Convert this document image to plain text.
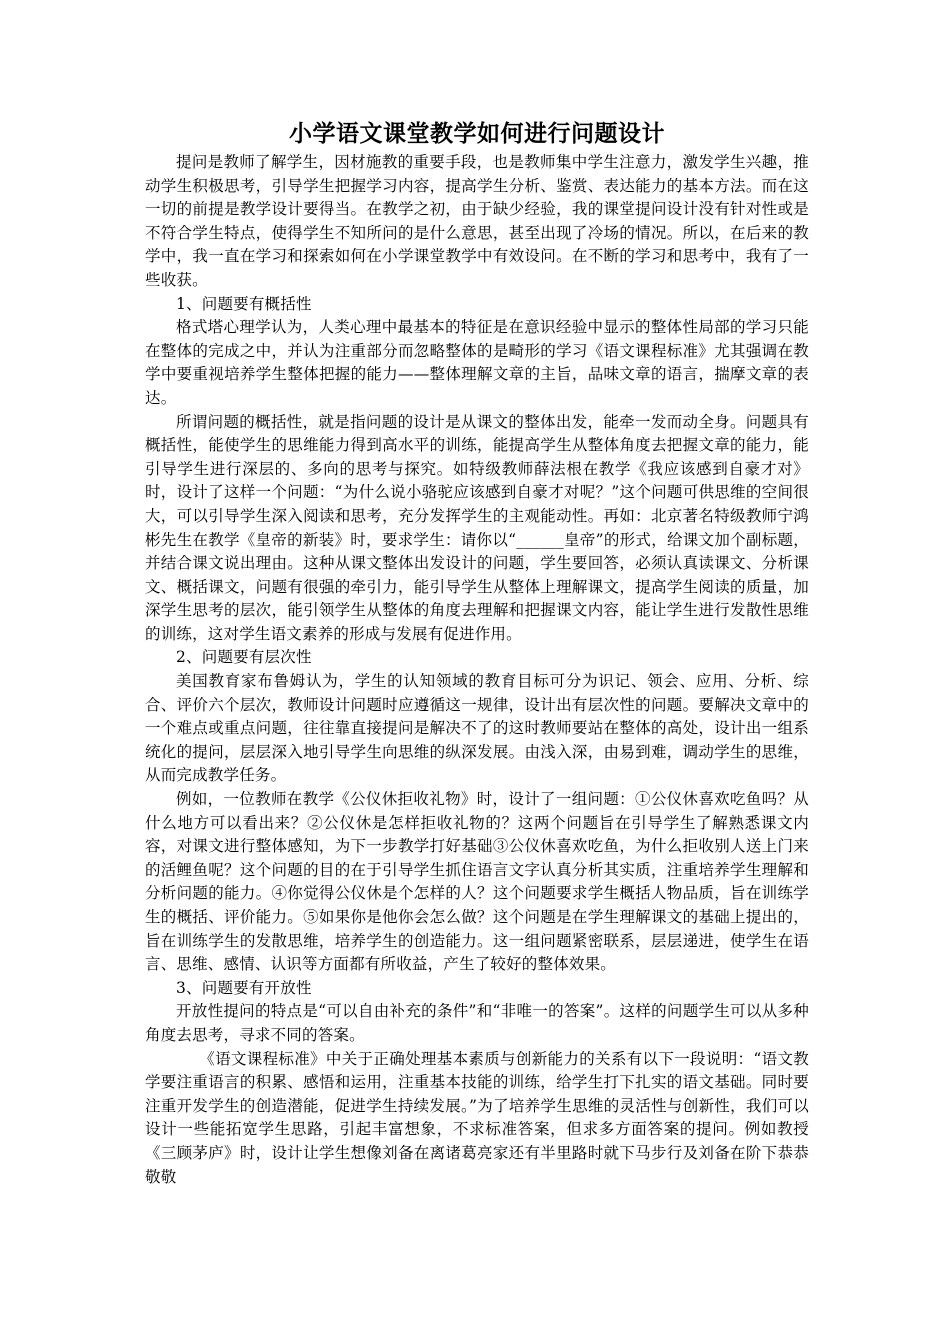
小学语文课堂教学如何进行问题设计

提问是教师了解学生，因材施教的重要手段，也是教师集中学生注意力，激发学生兴趣，推动学生积极思考，引导学生把握学习内容，提高学生分析、鉴赏、表达能力的基本方法。而在这一切的前提是教学设计要得当。在教学之初，由于缺少经验，我的课堂提问设计没有针对性或是不符合学生特点，使得学生不知所问的是什么意思，甚至出现了冷场的情况。所以，在后来的教学中，我一直在学习和探索如何在小学课堂教学中有效设问。在不断的学习和思考中，我有了一些收获。

1、问题要有概括性

格式塔心理学认为，人类心理中最基本的特征是在意识经验中显示的整体性局部的学习只能在整体的完成之中，并认为注重部分而忽略整体的是畸形的学习《语文课程标准》尤其强调在教学中要重视培养学生整体把握的能力——整体理解文章的主旨，品味文章的语言，揣摩文章的表达。

所谓问题的概括性，就是指问题的设计是从课文的整体出发，能牵一发而动全身。问题具有概括性，能使学生的思维能力得到高水平的训练，能提高学生从整体角度去把握文章的能力，能引导学生进行深层的、多向的思考与探究。如特级教师薛法根在教学《我应该感到自豪才对》时，设计了这样一个问题：“为什么说小骆驼应该感到自豪才对呢？”这个问题可供思维的空间很大，可以引导学生深入阅读和思考，充分发挥学生的主观能动性。再如：北京著名特级教师宁鸿彬先生在教学《皇帝的新装》时，要求学生：请你以“______皇帝”的形式，给课文加个副标题，并结合课文说出理由。这种从课文整体出发设计的问题，学生要回答，必须认真读课文、分析课文、概括课文，问题有很强的牵引力，能引导学生从整体上理解课文，提高学生阅读的质量，加深学生思考的层次，能引领学生从整体的角度去理解和把握课文内容，能让学生进行发散性思维的训练，这对学生语文素养的形成与发展有促进作用。

2、问题要有层次性

美国教育家布鲁姆认为，学生的认知领域的教育目标可分为识记、领会、应用、分析、综合、评价六个层次，教师设计问题时应遵循这一规律，设计出有层次性的问题。要解决文章中的一个难点或重点问题，往往靠直接提问是解决不了的这时教师要站在整体的高处，设计出一组系统化的提问，层层深入地引导学生向思维的纵深发展。由浅入深，由易到难，调动学生的思维，从而完成教学任务。

例如，一位教师在教学《公仪休拒收礼物》时，设计了一组问题：①公仪休喜欢吃鱼吗？从什么地方可以看出来？②公仪休是怎样拒收礼物的？这两个问题旨在引导学生了解熟悉课文内容，对课文进行整体感知，为下一步教学打好基础③公仪休喜欢吃鱼，为什么拒收别人送上门来的活鲤鱼呢？这个问题的目的在于引导学生抓住语言文字认真分析其实质，注重培养学生理解和分析问题的能力。④你觉得公仪休是个怎样的人？这个问题要求学生概括人物品质，旨在训练学生的概括、评价能力。⑤如果你是他你会怎么做？这个问题是在学生理解课文的基础上提出的，旨在训练学生的发散思维，培养学生的创造能力。这一组问题紧密联系，层层递进，使学生在语言、思维、感情、认识等方面都有所收益，产生了较好的整体效果。

3、问题要有开放性

开放性提问的特点是“可以自由补充的条件”和“非唯一的答案”。这样的问题学生可以从多种角度去思考，寻求不同的答案。

《语文课程标准》中关于正确处理基本素质与创新能力的关系有以下一段说明：“语文教学要注重语言的积累、感悟和运用，注重基本技能的训练，给学生打下扎实的语文基础。同时要注重开发学生的创造潜能，促进学生持续发展。”为了培养学生思维的灵活性与创新性，我们可以设计一些能拓宽学生思路，引起丰富想象，不求标准答案，但求多方面答案的提问。例如教授《三顾茅庐》时，设计让学生想像刘备在离诸葛亮家还有半里路时就下马步行及刘备在阶下恭恭敬敬
